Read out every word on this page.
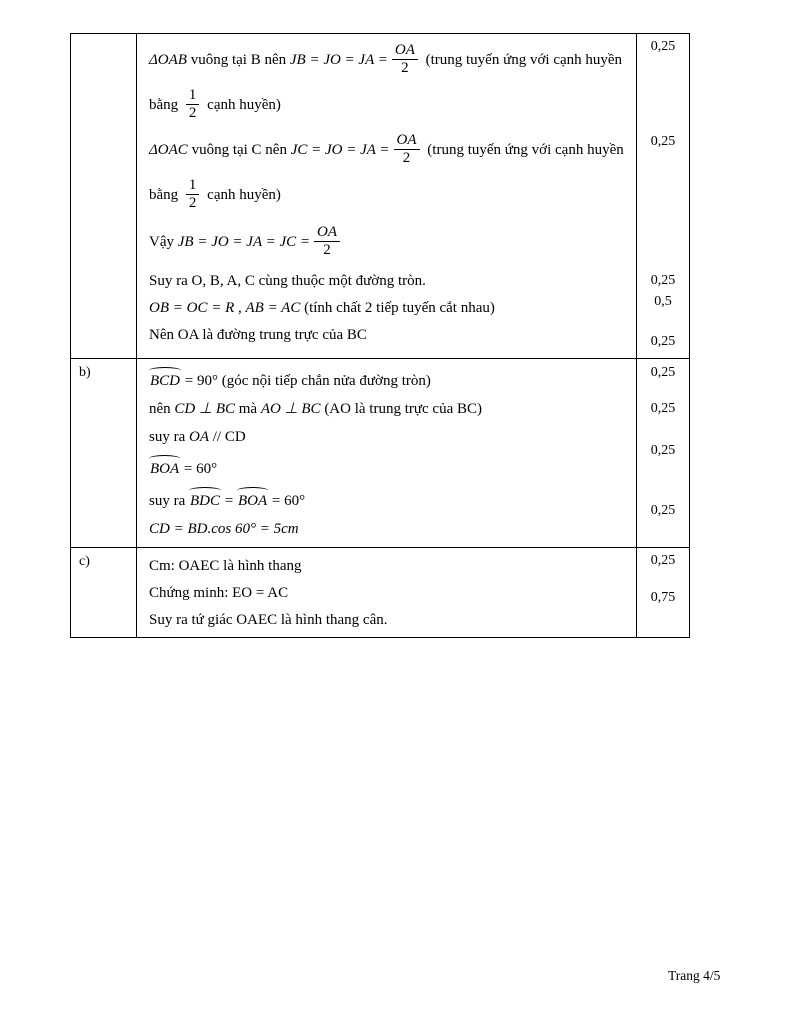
ΔOAB vuông tại B nên JB = JO = JA = $\frac{OA}{2}$ (trung tuyến ứng với cạnh huyền
bằng $\frac{1}{2}$ cạnh huyền)
ΔOAC vuông tại C nên JC = JO = JA = $\frac{OA}{2}$ (trung tuyến ứng với cạnh huyền
bằng $\frac{1}{2}$ cạnh huyền)
Vậy JB = JO = JA = JC = $\frac{OA}{2}$
Suy ra O, B, A, C cùng thuộc một đường tròn.
OB = OC = R , AB = AC (tính chất 2 tiếp tuyến cắt nhau)
Nên OA là đường trung trực của BC
0,25
0,25
0,25
0,5
0,25
b)
BCD = 90° (góc nội tiếp chắn nửa đường tròn)
nên CD ⊥ BC mà AO ⊥ BC (AO là trung trực của BC)
suy ra OA // CD
BOA = 60°
suy ra BDC = BOA = 60°
CD = BD.cos 60° = 5cm
0,25
0,25
0,25
0,25
c)	Cm: OAEC là hình thang
Chứng minh: EO = AC
Suy ra tứ giác OAEC là hình thang cân.
0,25
0,75
Trang 4/5
